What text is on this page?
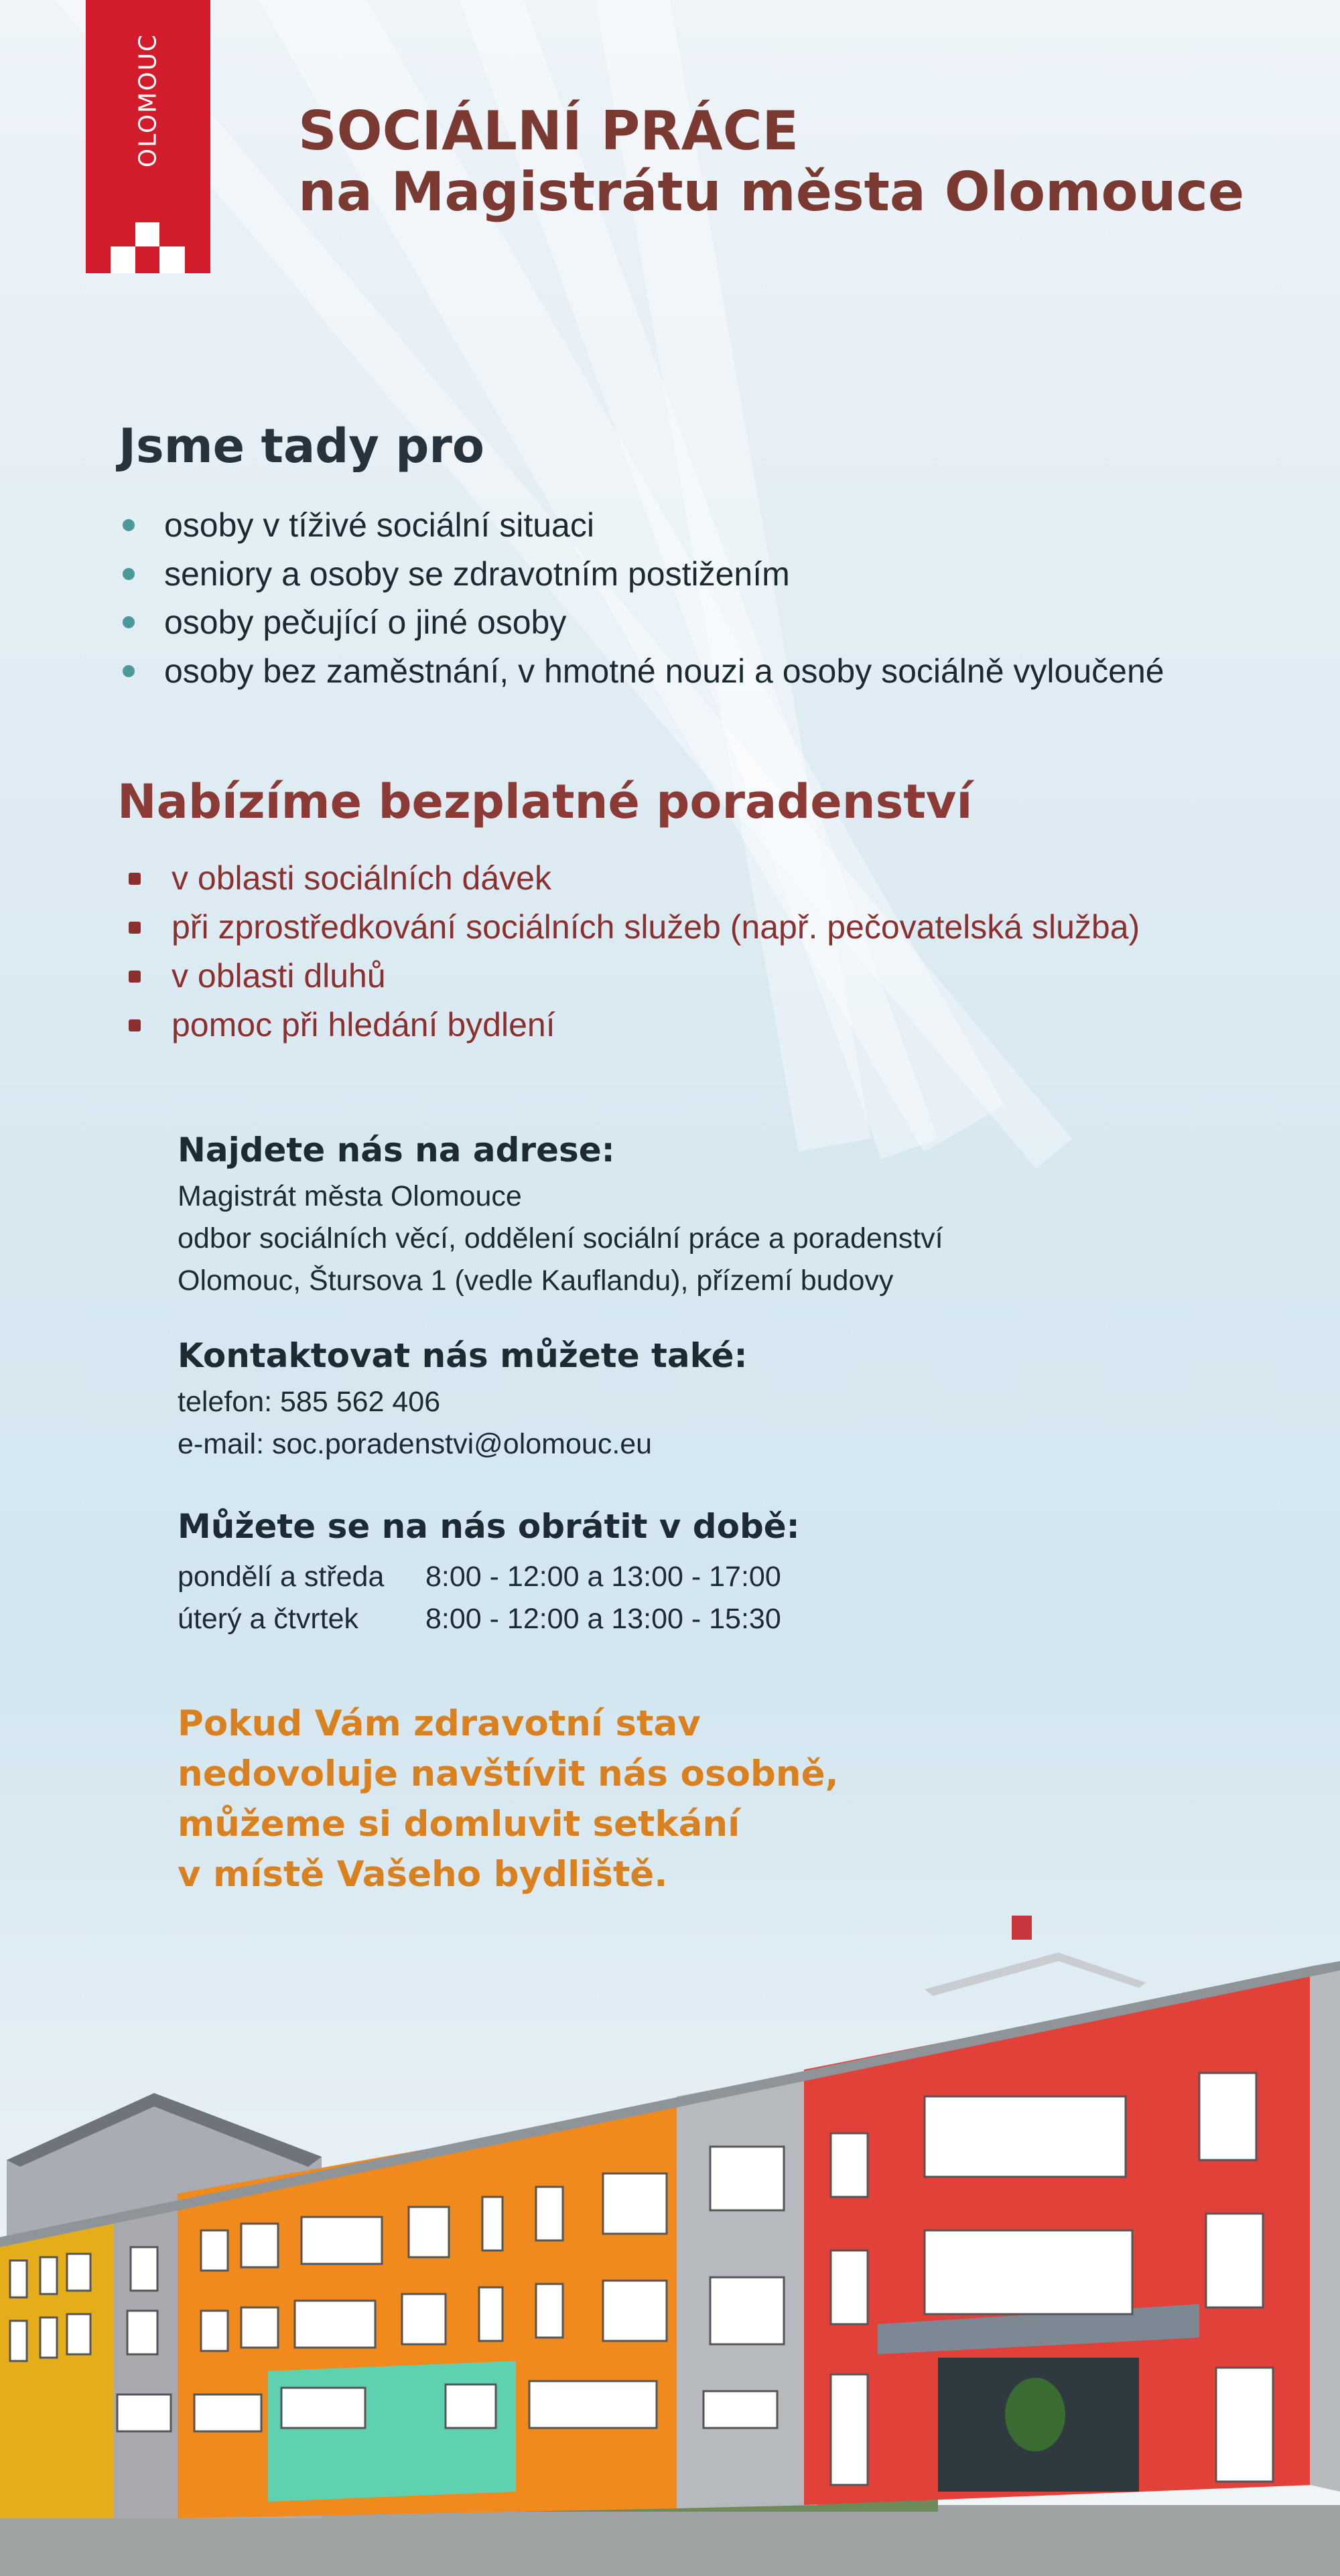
OLOMOUC	SOCIÁLNÍ PRÁCE
na Magistrátu města Olomouce
Jsme tady pro
osoby v tíživé sociální situaci
seniory a osoby se zdravotním postižením
osoby pečující o jiné osoby
osoby bez zaměstnání, v hmotné nouzi a osoby sociálně vyloučené
Nabízíme bezplatné poradenství
v oblasti sociálních dávek
při zprostředkování sociálních služeb (např. pečovatelská služba)
v oblasti dluhů
pomoc při hledání bydlení
Najdete nás na adrese:
Magistrát města Olomouce
odbor sociálních věcí, oddělení sociální práce a poradenství
Olomouc, Štursova 1 (vedle Kauflandu), přízemí budovy
Kontaktovat nás můžete také:
telefon: 585 562 406
e-mail: soc.poradenstvi@olomouc.eu
Můžete se na nás obrátit v době:
pondělí a středa 8:00 - 12:00 a 13:00 - 17:00
úterý a čtvrtek 8:00 - 12:00 a 13:00 - 15:30
Pokud Vám zdravotní stav
nedovoluje navštívit nás osobně,
můžeme si domluvit setkání
v místě Vašeho bydliště.
